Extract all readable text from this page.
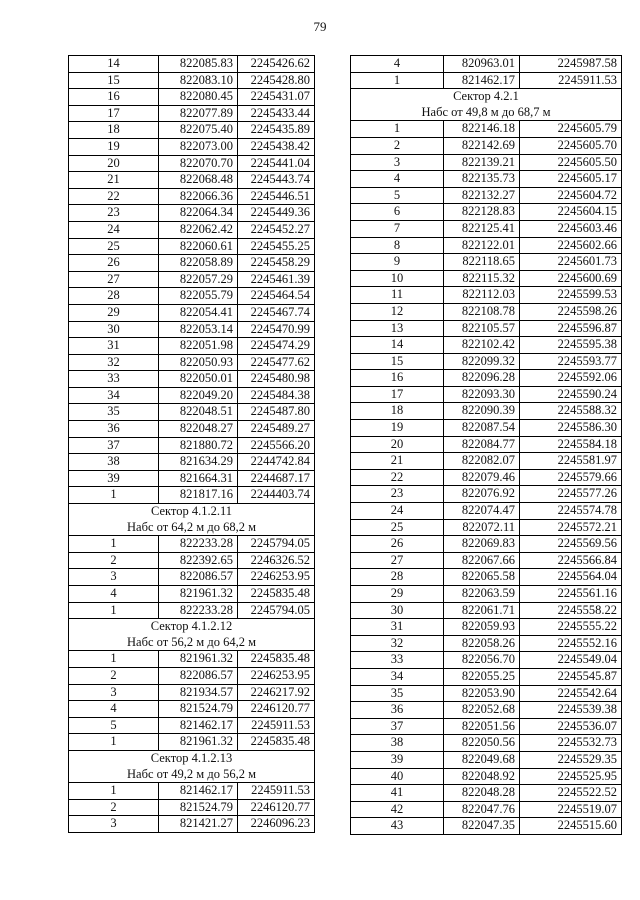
79
14	822085.83	2245426.62
15	822083.10	2245428.80
16	822080.45	2245431.07
17	822077.89	2245433.44
18	822075.40	2245435.89
19	822073.00	2245438.42
20	822070.70	2245441.04
21	822068.48	2245443.74
22	822066.36	2245446.51
23	822064.34	2245449.36
24	822062.42	2245452.27
25	822060.61	2245455.25
26	822058.89	2245458.29
27	822057.29	2245461.39
28	822055.79	2245464.54
29	822054.41	2245467.74
30	822053.14	2245470.99
31	822051.98	2245474.29
32	822050.93	2245477.62
33	822050.01	2245480.98
34	822049.20	2245484.38
35	822048.51	2245487.80
36	822048.27	2245489.27
37	821880.72	2245566.20
38	821634.29	2244742.84
39	821664.31	2244687.17
1	821817.16	2244403.74
Сектор 4.1.2.11		
Набс от 64,2 м до 68,2 м		
1	822233.28	2245794.05
2	822392.65	2246326.52
3	822086.57	2246253.95
4	821961.32	2245835.48
1	822233.28	2245794.05
Сектор 4.1.2.12		
Набс от 56,2 м до 64,2 м		
1	821961.32	2245835.48
2	822086.57	2246253.95
3	821934.57	2246217.92
4	821524.79	2246120.77
5	821462.17	2245911.53
1	821961.32	2245835.48
Сектор 4.1.2.13		
Набс от 49,2 м до 56,2 м		
1	821462.17	2245911.53
2	821524.79	2246120.77
3	821421.27	2246096.23
4	820963.01	2245987.58
1	821462.17	2245911.53
Сектор 4.2.1		
Набс от 49,8 м до 68,7 м		
1	822146.18	2245605.79
2	822142.69	2245605.70
3	822139.21	2245605.50
4	822135.73	2245605.17
5	822132.27	2245604.72
6	822128.83	2245604.15
7	822125.41	2245603.46
8	822122.01	2245602.66
9	822118.65	2245601.73
10	822115.32	2245600.69
11	822112.03	2245599.53
12	822108.78	2245598.26
13	822105.57	2245596.87
14	822102.42	2245595.38
15	822099.32	2245593.77
16	822096.28	2245592.06
17	822093.30	2245590.24
18	822090.39	2245588.32
19	822087.54	2245586.30
20	822084.77	2245584.18
21	822082.07	2245581.97
22	822079.46	2245579.66
23	822076.92	2245577.26
24	822074.47	2245574.78
25	822072.11	2245572.21
26	822069.83	2245569.56
27	822067.66	2245566.84
28	822065.58	2245564.04
29	822063.59	2245561.16
30	822061.71	2245558.22
31	822059.93	2245555.22
32	822058.26	2245552.16
33	822056.70	2245549.04
34	822055.25	2245545.87
35	822053.90	2245542.64
36	822052.68	2245539.38
37	822051.56	2245536.07
38	822050.56	2245532.73
39	822049.68	2245529.35
40	822048.92	2245525.95
41	822048.28	2245522.52
42	822047.76	2245519.07
43	822047.35	2245515.60
